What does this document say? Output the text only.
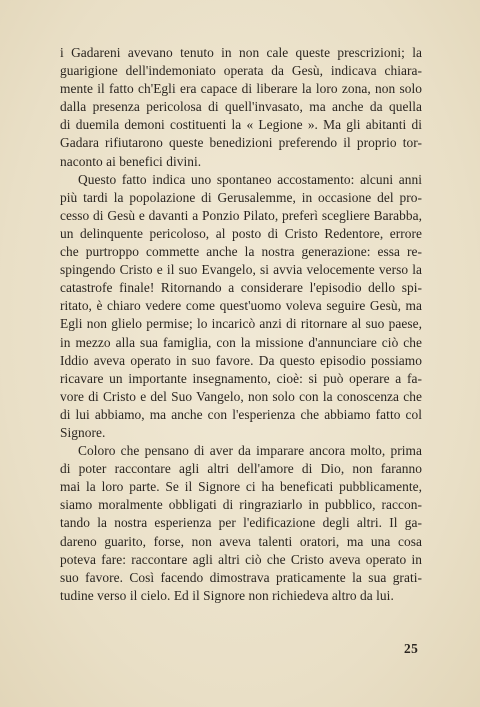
i Gadareni avevano tenuto in non cale queste prescrizioni; la
guarigione dell'indemoniato operata da Gesù, indicava chiara-
mente il fatto ch'Egli era capace di liberare la loro zona, non solo
dalla presenza pericolosa di quell'invasato, ma anche da quella
di duemila demoni costituenti la « Legione ». Ma gli abitanti di
Gadara rifiutarono queste benedizioni preferendo il proprio tor-
naconto ai benefici divini.
Questo fatto indica uno spontaneo accostamento: alcuni anni
più tardi la popolazione di Gerusalemme, in occasione del pro-
cesso di Gesù e davanti a Ponzio Pilato, preferì scegliere Barabba,
un delinquente pericoloso, al posto di Cristo Redentore, errore
che purtroppo commette anche la nostra generazione: essa re-
spingendo Cristo e il suo Evangelo, si avvia velocemente verso la
catastrofe finale! Ritornando a considerare l'episodio dello spi-
ritato, è chiaro vedere come quest'uomo voleva seguire Gesù, ma
Egli non glielo permise; lo incaricò anzi di ritornare al suo paese,
in mezzo alla sua famiglia, con la missione d'annunciare ciò che
Iddio aveva operato in suo favore. Da questo episodio possiamo
ricavare un importante insegnamento, cioè: si può operare a fa-
vore di Cristo e del Suo Vangelo, non solo con la conoscenza che
di lui abbiamo, ma anche con l'esperienza che abbiamo fatto col
Signore.
Coloro che pensano di aver da imparare ancora molto, prima
di poter raccontare agli altri dell'amore di Dio, non faranno
mai la loro parte. Se il Signore ci ha beneficati pubblicamente,
siamo moralmente obbligati di ringraziarlo in pubblico, raccon-
tando la nostra esperienza per l'edificazione degli altri. Il ga-
dareno guarito, forse, non aveva talenti oratori, ma una cosa
poteva fare: raccontare agli altri ciò che Cristo aveva operato in
suo favore. Così facendo dimostrava praticamente la sua grati-
tudine verso il cielo. Ed il Signore non richiedeva altro da lui.
25
